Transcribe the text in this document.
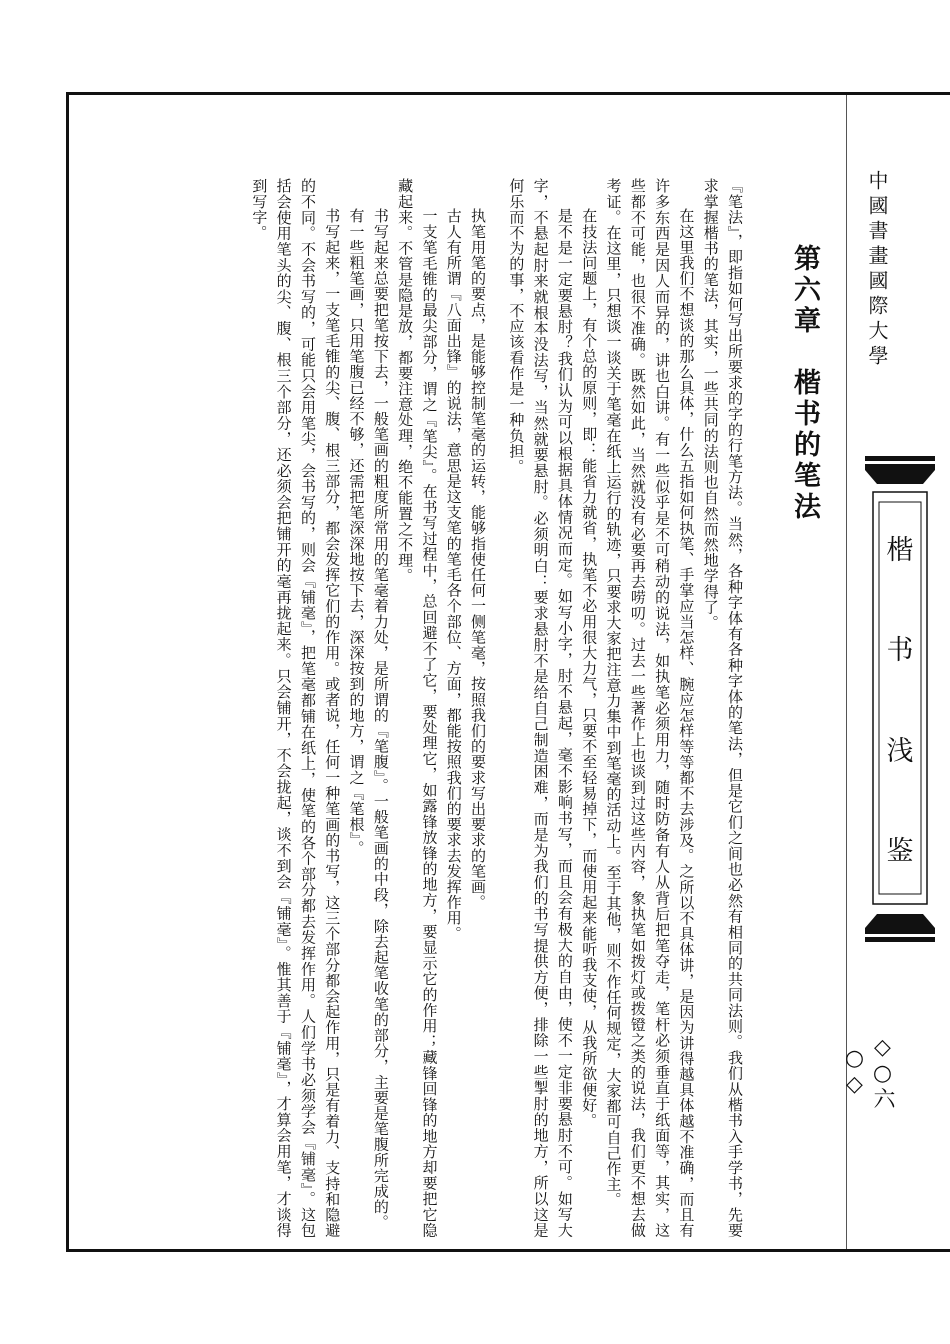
『笔法』，即指如何写出所要求的字的行笔方法。当然，各种字体有各种字体的笔法，但是它们之间也必然有相同的共同法则。我们从楷书入手学书，先要求掌握楷书的笔法，其实，一些共同的法则也自然而然地学得了。

在这里我们不想谈的那么具体，什么五指如何执笔、手掌应当怎样、腕应怎样等等都不去涉及。之所以不具体讲，是因为讲得越具体越不准确，而且有许多东西是因人而异的，讲也白讲。有一些似乎是不可稍动的说法，如执笔必须用力，随时防备有人从背后把笔夺走，笔杆必须垂直于纸面等，其实，这些都不可能，也很不准确。既然如此，当然就没有必要再去唠叨。过去一些著作上也谈到过这些内容，象执笔如拨灯或拨镫之类的说法，我们更不想去做考证。在这里，只想谈一谈关于笔毫在纸上运行的轨迹，只要求大家把注意力集中到笔毫的活动上。至于其他，则不作任何规定，大家都可自己作主。

在技法问题上，有个总的原则，即：能省力就省，执笔不必用很大力气，只要不至轻易掉下，而使用起来能听我支使，从我所欲便好。

是不是一定要悬肘？我们认为可以根据具体情况而定。如写小字，肘不悬起，毫不影响书写，而且会有极大的自由，使不一定非要悬肘不可。如写大字，不悬起肘来就根本没法写，当然就要悬肘。必须明白：要求悬肘不是给自己制造困难，而是为我们的书写提供方便，排除一些掣肘的地方，所以这是何乐而不为的事，不应该看作是一种负担。

执笔用笔的要点，是能够控制笔毫的运转，能够指使任何一侧笔毫，按照我们的要求写出要求的笔画。

古人有所谓『八面出锋』的说法，意思是这支笔的笔毛各个部位、方面，都能按照我们的要求去发挥作用。

一支笔毛锥的最尖部分，谓之『笔尖』。在书写过程中，总回避不了它，要处理它，如露锋放锋的地方，要显示它的作用；藏锋回锋的地方却要把它隐藏起来。不管是隐是放，都要注意处理，绝不能置之不理。

书写起来总要把笔按下去，一般笔画的粗度所常用的笔毫着力处，是所谓的『笔腹』。一般笔画的中段，除去起笔收笔的部分，主要是笔腹所完成的。

有一些粗笔画，只用笔腹已经不够，还需把笔深深地按下去，深深按到的地方，谓之『笔根』。

书写起来，一支笔毛锥的尖、腹、根三部分，都会发挥它们的作用。或者说，任何一种笔画的书写，这三个部分都会起作用，只是有着力、支持和隐避的不同。不会书写的，可能只会用笔尖，会书写的，则会『铺毫』，把笔毫都铺在纸上，使笔的各个部分都去发挥作用。人们学书必须学会『铺毫』。这包括会使用笔头的尖、腹、根三个部分，还必须会把铺开的毫再拢起来。只会铺开，不会拢起，谈不到会『铺毫』。惟其善于『铺毫』，才算会用笔，才谈得到写字。

第六章　楷书的笔法	中國書畫國際大學
楷
书
浅
鉴
◇○六○◇
